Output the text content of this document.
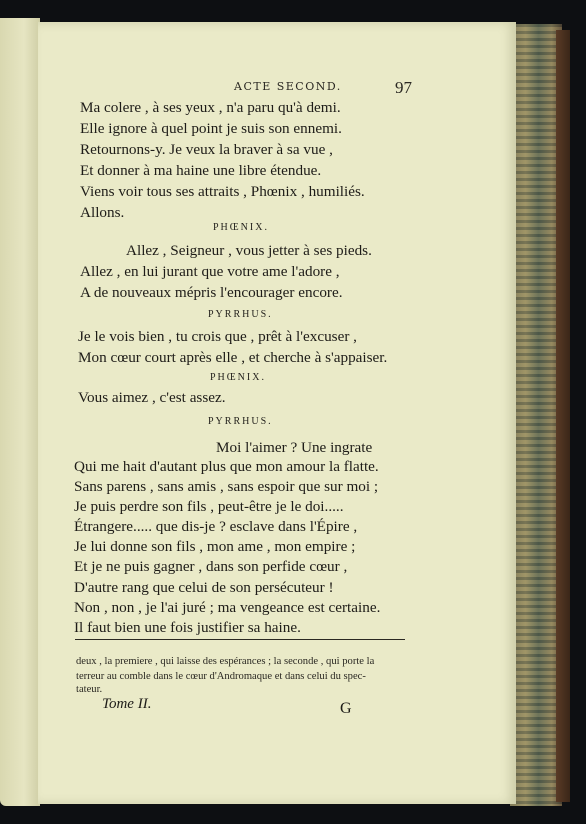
ACTE SECOND.	97
Ma colere , à ses yeux , n'a paru qu'à demi.
Elle ignore à quel point je suis son ennemi.
Retournons-y. Je veux la braver à sa vue ,
Et donner à ma haine une libre étendue.
Viens voir tous ses attraits , Phœnix , humiliés.
Allons.
PHŒNIX.
Allez , Seigneur , vous jetter à ses pieds.
Allez , en lui jurant que votre ame l'adore ,
A de nouveaux mépris l'encourager encore.
PYRRHUS.
Je le vois bien , tu crois que , prêt à l'excuser ,
Mon cœur court après elle , et cherche à s'appaiser.
PHŒNIX.
Vous aimez , c'est assez.
PYRRHUS.
Moi l'aimer ? Une ingrate
Qui me hait d'autant plus que mon amour la flatte.
Sans parens , sans amis , sans espoir que sur moi ;
Je puis perdre son fils , peut-être je le doi.....
Étrangere..... que dis-je ? esclave dans l'Épire ,
Je lui donne son fils , mon ame , mon empire ;
Et je ne puis gagner , dans son perfide cœur ,
D'autre rang que celui de son persécuteur !
Non , non , je l'ai juré ; ma vengeance est certaine.
Il faut bien une fois justifier sa haine.
deux , la premiere , qui laisse des espérances ; la seconde , qui porte la
terreur au comble dans le cœur d'Andromaque et dans celui du spec-
tateur.
Tome II.	G
